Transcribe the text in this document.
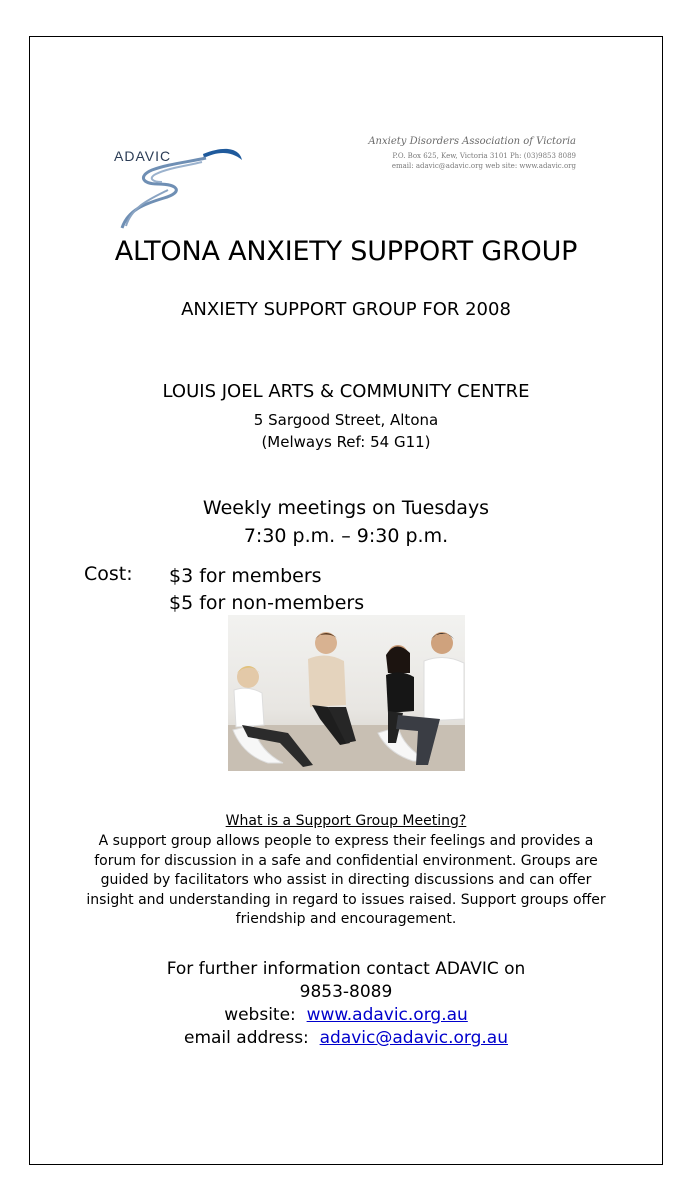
ADAVIC
Anxiety Disorders Association of Victoria
P.O. Box 625, Kew, Victoria 3101 Ph: (03)9853 8089
email: adavic@adavic.org web site: www.adavic.org
ALTONA ANXIETY SUPPORT GROUP
ANXIETY SUPPORT GROUP FOR 2008
LOUIS JOEL ARTS & COMMUNITY CENTRE
5 Sargood Street, Altona
(Melways Ref: 54 G11)
Weekly meetings on Tuesdays
7:30 p.m. – 9:30 p.m.
Cost: $3 for members
$5 for non-members
What is a Support Group Meeting?
A support group allows people to express their feelings and provides a forum for discussion in a safe and confidential environment. Groups are guided by facilitators who assist in directing discussions and can offer insight and understanding in regard to issues raised. Support groups offer friendship and encouragement.
For further information contact ADAVIC on
9853-8089
website: www.adavic.org.au
email address: adavic@adavic.org.au
